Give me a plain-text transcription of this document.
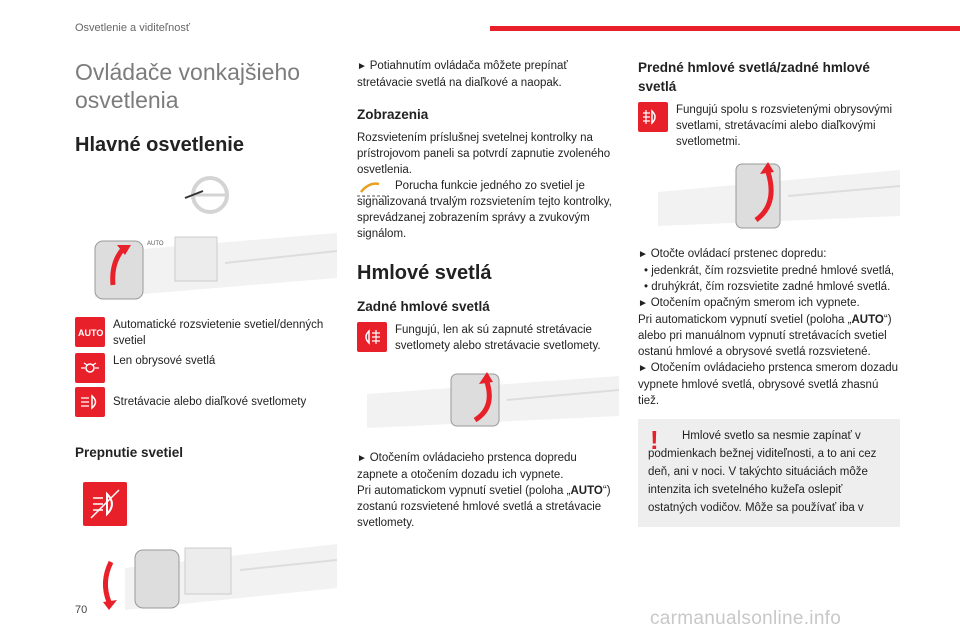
Osvetlenie a viditeľnosť
Ovládače vonkajšieho osvetlenia
Hlavné osvetlenie
AUTO
AUTO
Automatické rozsvietenie svetiel/denných svetiel
Len obrysové svetlá
Stretávacie alebo diaľkové svetlomety
Prepnutie svetiel

► Potiahnutím ovládača môžete prepínať stretávacie svetlá na diaľkové a naopak.

Zobrazenia

Rozsvietením príslušnej svetelnej kontrolky na prístrojovom paneli sa potvrdí zapnutie zvoleného osvetlenia.

Porucha funkcie jedného zo svetiel je signalizovaná trvalým rozsvietením tejto kontrolky, sprevádzanej zobrazením správy a zvukovým signálom.

Hmlové svetlá
Zadné hmlové svetlá
Fungujú, len ak sú zapnuté stretávacie svetlomety alebo stretávacie svetlomety.

► Otočením ovládacieho prstenca dopredu zapnete a otočením dozadu ich vypnete.

Pri automatickom vypnutí svetiel (poloha „AUTO“) zostanú rozsvietené hmlové svetlá a stretávacie svetlomety.

Predné hmlové svetlá/zadné hmlové svetlá
Fungujú spolu s rozsvietenými obrysovými svetlami, stretávacími alebo diaľkovými svetlometmi.

► Otočte ovládací prstenec dopredu:

• jedenkrát, čím rozsvietite predné hmlové svetlá,

• druhýkrát, čím rozsvietite zadné hmlové svetlá.

► Otočením opačným smerom ich vypnete.

Pri automatickom vypnutí svetiel (poloha „AUTO“) alebo pri manuálnom vypnutí stretávacích svetiel ostanú hmlové a obrysové svetlá rozsvietené.

► Otočením ovládacieho prstenca smerom dozadu vypnete hmlové svetlá, obrysové svetlá zhasnú tiež.

!	Hmlové svetlo sa nesmie zapínať v podmienkach bežnej viditeľnosti, a to ani cez deň, ani v noci. V takýchto situáciách môže intenzita ich svetelného kužeľa oslepiť ostatných vodičov. Môže sa používať iba v

70	carmanualsonline.info
